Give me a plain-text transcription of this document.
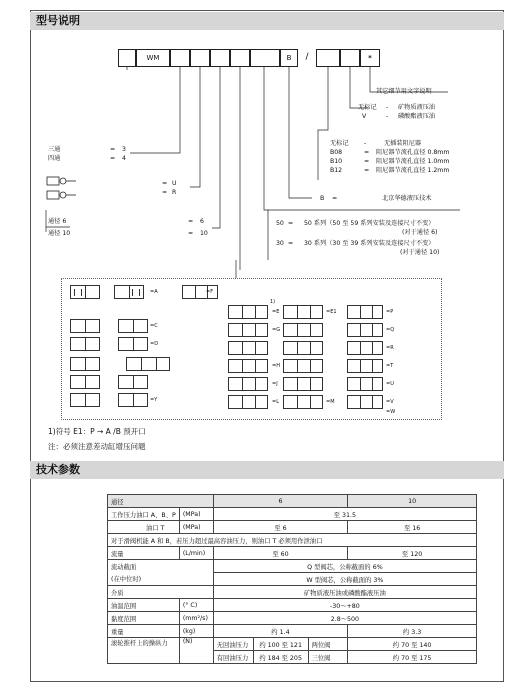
型号说明
WM	B	/	*
其它细节用文字说明
无标记 - 矿物质液压油
V	- 磷酸酯液压油
无标记 -	无插装阻尼器
B08	= 阻尼器节流孔直径 0.8mm
B10	= 阻尼器节流孔直径 1.0mm
B12	= 阻尼器节流孔直径 1.2mm
B =	北京华德液压技术
50 = 50 系列（50 至 59 系列安装及连接尺寸不变）
(对于通径 6)
30 = 30 系列（30 至 39 系列安装及连接尺寸不变）
(对于通径 10)
三通	= 3
四通	= 4
= U
= R
通径 6	= 6
通径 10	= 10
=A
=C
=D
=F
=E
1)
=E1	=P
=G	=Q
=R
=H	=T
=J	=U
=L	=M	=V
=Y
=W
1)符号 E1：P → A /B 预开口
注：必须注意差动缸增压问题
技术参数
通径		6			10
工作压力油口 A、B、P	(MPa)	至 31.5			
油口 T	(MPa)	至 6			至 16
对于滑阀机能 A 和 B，若压力超过最高容油压力，则油口 T 必须用作泄油口					
流量	(L/min)	至 60			至 120
流动截面		Q 型阀芯，公称截面的 6%			
(在中位时)		W 型阀芯，公称截面的 3%			
介质		矿物质液压油或磷酸酯液压油			
油温范围	(° C)	-30～+80			
黏度范围	(mm²/s)	2.8～500			
重量	(kg)	约 1.4			约 3.3
滚轮推杆上的操纵力	(N)	无回油压力	约 100 至 121	两位阀	约 70 至 140
		有回油压力	约 184 至 205	三位阀	约 70 至 175
